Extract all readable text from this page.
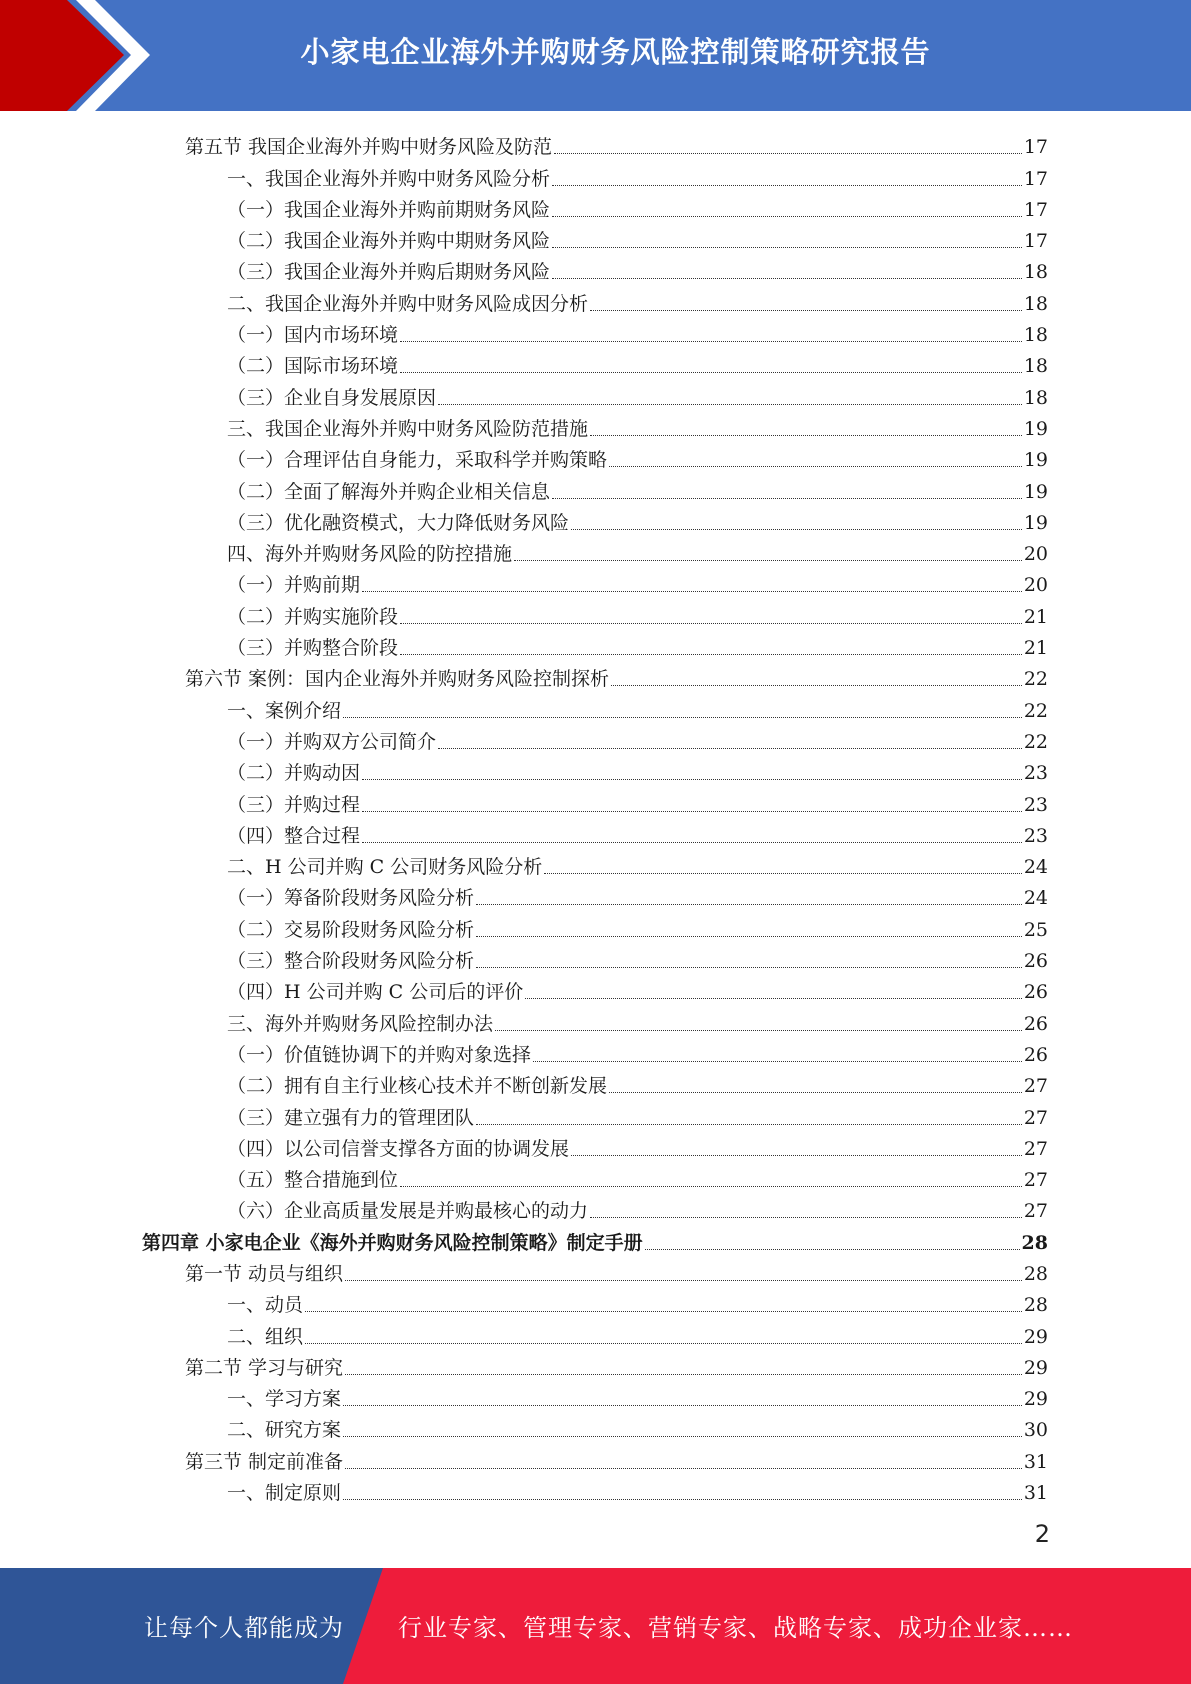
小家电企业海外并购财务风险控制策略研究报告
第五节 我国企业海外并购中财务风险及防范	17
一、我国企业海外并购中财务风险分析	17
（一）我国企业海外并购前期财务风险	17
（二）我国企业海外并购中期财务风险	17
（三）我国企业海外并购后期财务风险	18
二、我国企业海外并购中财务风险成因分析	18
（一）国内市场环境	18
（二）国际市场环境	18
（三）企业自身发展原因	18
三、我国企业海外并购中财务风险防范措施	19
（一）合理评估自身能力，采取科学并购策略	19
（二）全面了解海外并购企业相关信息	19
（三）优化融资模式，大力降低财务风险	19
四、海外并购财务风险的防控措施	20
（一）并购前期	20
（二）并购实施阶段	21
（三）并购整合阶段	21
第六节 案例：国内企业海外并购财务风险控制探析	22
一、案例介绍	22
（一）并购双方公司简介	22
（二）并购动因	23
（三）并购过程	23
（四）整合过程	23
二、H 公司并购 C 公司财务风险分析	24
（一）筹备阶段财务风险分析	24
（二）交易阶段财务风险分析	25
（三）整合阶段财务风险分析	26
（四）H 公司并购 C 公司后的评价	26
三、海外并购财务风险控制办法	26
（一）价值链协调下的并购对象选择	26
（二）拥有自主行业核心技术并不断创新发展	27
（三）建立强有力的管理团队	27
（四）以公司信誉支撑各方面的协调发展	27
（五）整合措施到位	27
（六）企业高质量发展是并购最核心的动力	27
第四章 小家电企业《海外并购财务风险控制策略》制定手册	28
第一节 动员与组织	28
一、动员	28
二、组织	29
第二节 学习与研究	29
一、学习方案	29
二、研究方案	30
第三节 制定前准备	31
一、制定原则	31
2
让每个人都能成为 行业专家、管理专家、营销专家、战略专家、成功企业家……
